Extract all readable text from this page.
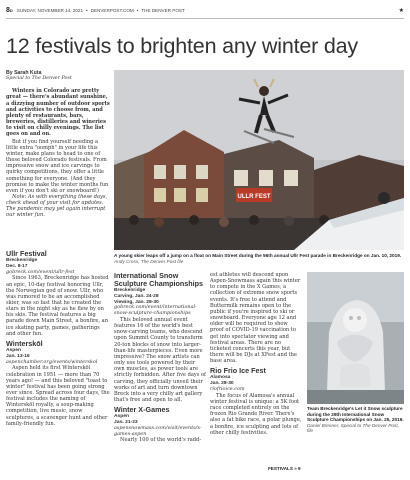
8D SUNDAY, NOVEMBER 14, 2021 • DENVERPOST.COM • THE DENVER POST	★
12 festivals to brighten any winter day
By Sarah Kuta
Special to The Denver Post
Winters in Colorado are pretty great — there's abundant sunshine, a dizzying number of outdoor sports and activities to choose from, and plenty of restaurants, bars, breweries, distilleries and wineries to visit on chilly evenings. The list goes on and on.
But if you find yourself needing a little extra "oomph" in your life this winter, make plans to head to one of these beloved Colorado festivals. From impressive snow and ice carvings to quirky competitions, they offer a little something for everyone. (And they promise to make the winter months fun even if you don't ski or snowboard!)
Note: As with everything these days, check ahead of your visit for updates. The pandemic may yet again interrupt our winter fun.
ULLR FEST
A young skier leaps off a jump on a float on Main Street during the 56th annual Ullr Fest parade in Breckenridge on Jan. 10, 2019. Andy Cross, The Denver Post file
Ullr Festival
Breckenridge
Dec. 8-17
gobreck.com/event/ullr-fest
Since 1963, Breckenridge has hosted an epic, 10-day festival honoring Ullr, the Norwegian god of snow. Ullr, who was rumored to be an accomplished skier, was so fast that he created the stars in the night sky as he flew by on his skis. The festival features a big parade down Main Street, a bonfire, an ice skating party, games, gatherings and other fun.
Winterskōl
Aspen
Jan. 13-16
aspenchamber.org/events/winterskol
Aspen held its first Winterskōl celebration in 1951 — more than 70 years ago! — and this beloved "toast to winter" festival has been going strong ever since. Spread across four days, the festival includes the naming of Winterskōl royalty, a soup-making competition, live music, snow sculptures, a scavenger hunt and other family-friendly fun.
International Snow Sculpture Championships
Breckenridge
Carving, Jan. 24-28
Viewing, Jan. 28-30
gobreck.com/event/international-snow-sculpture-championships
This beloved annual event features 16 of the world's best snow-carving teams, who descend upon Summit County to transform 20-ton blocks of snow into larger-than-life masterpieces. Even more impressive? The snow artists can only use tools powered by their own muscles, as power tools are strictly forbidden. After five days of carving, they officially unveil their works of art and turn downtown Breck into a very chilly art gallery that's free and open to all.
Winter X-Games
Aspen
Jan. 21-23
aspensnowmass.com/visit/events/x-games-aspen
Nearly 100 of the world's radd-
est athletes will descend upon Aspen-Snowmass again this winter to compete in the X Games, a collection of extreme snow sports events. It's free to attend and Buttermilk remains open to the public if you're inspired to ski or snowboard. Everyone age 12 and older will be required to show proof of COVID-19 vaccination to get into spectator viewing and festival areas. There are no ticketed concerts this year, but there will be DJs at XFest and the base area.
Rio Frio Ice Fest
Alamosa
Jan. 28-30
riofrioice.com
The focus of Alamosa's annual winter festival is unique: a 5K foot race completed entirely on the frozen Rio Grande River. There's also a fat bike race, a polar plunge, a bonfire, ice sculpting and lots of other chilly festivities.
FESTIVALS » 9
Team Breckenridge's Let it Snow sculpture during the 29th International Snow Sculpture Championships on Jan. 25, 2019. Daniel Brenner, Special to The Denver Post, file
